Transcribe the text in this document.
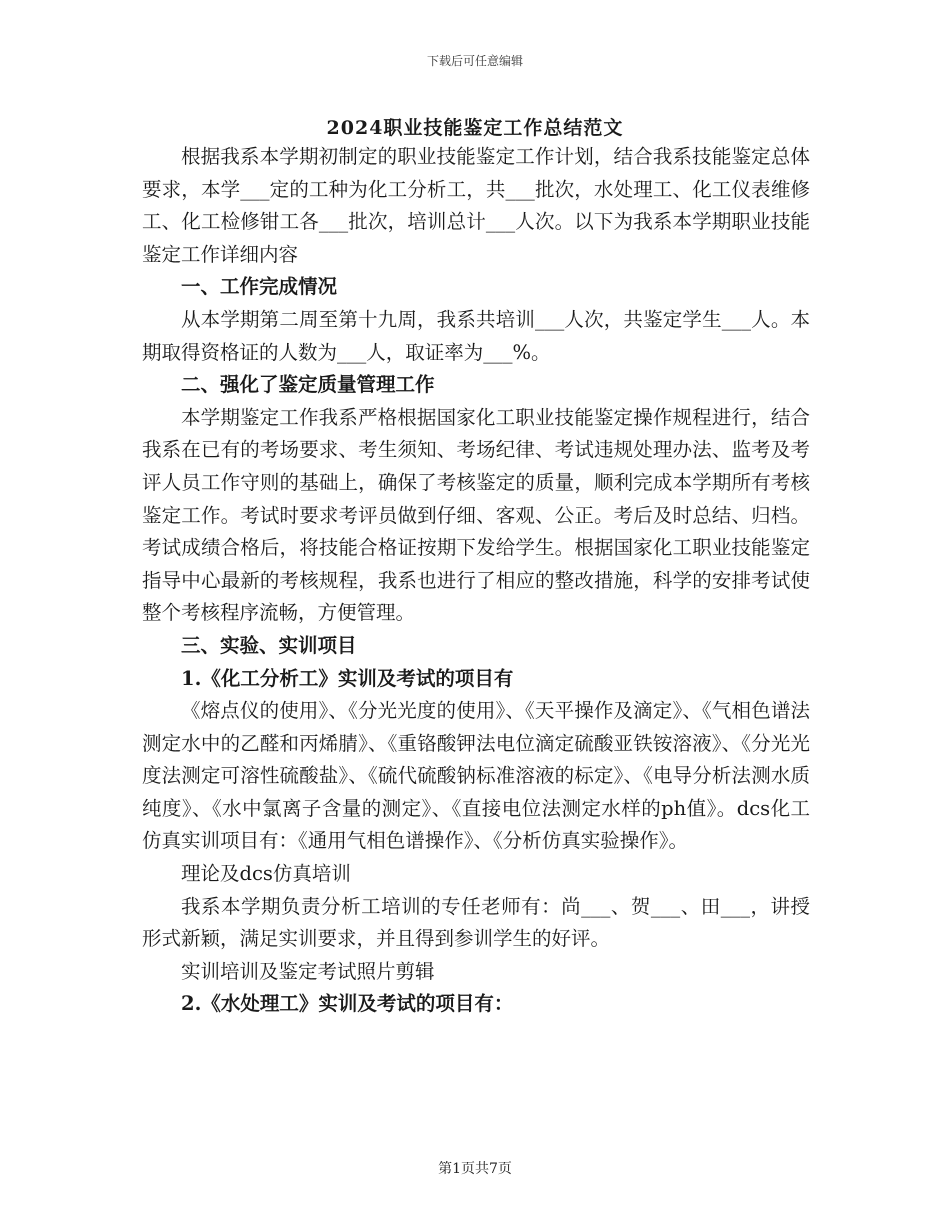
下载后可任意编辑
2024职业技能鉴定工作总结范文

根据我系本学期初制定的职业技能鉴定工作计划，结合我系技能鉴定总体要求，本学___定的工种为化工分析工，共___批次，水处理工、化工仪表维修工、化工检修钳工各___批次，培训总计___人次。以下为我系本学期职业技能鉴定工作详细内容

一、工作完成情况

从本学期第二周至第十九周，我系共培训___人次，共鉴定学生___人。本期取得资格证的人数为___人，取证率为___%。

二、强化了鉴定质量管理工作

本学期鉴定工作我系严格根据国家化工职业技能鉴定操作规程进行，结合我系在已有的考场要求、考生须知、考场纪律、考试违规处理办法、监考及考评人员工作守则的基础上，确保了考核鉴定的质量，顺利完成本学期所有考核鉴定工作。考试时要求考评员做到仔细、客观、公正。考后及时总结、归档。考试成绩合格后，将技能合格证按期下发给学生。根据国家化工职业技能鉴定指导中心最新的考核规程，我系也进行了相应的整改措施，科学的安排考试使整个考核程序流畅，方便管理。

三、实验、实训项目

1.《化工分析工》实训及考试的项目有

《熔点仪的使用》、《分光光度的使用》、《天平操作及滴定》、《气相色谱法测定水中的乙醛和丙烯腈》、《重铬酸钾法电位滴定硫酸亚铁铵溶液》、《分光光度法测定可溶性硫酸盐》、《硫代硫酸钠标准溶液的标定》、《电导分析法测水质纯度》、《水中氯离子含量的测定》、《直接电位法测定水样的ph值》。dcs化工仿真实训项目有：《通用气相色谱操作》、《分析仿真实验操作》。

理论及dcs仿真培训

我系本学期负责分析工培训的专任老师有：尚___、贺___、田___，讲授形式新颖，满足实训要求，并且得到参训学生的好评。

实训培训及鉴定考试照片剪辑

2.《水处理工》实训及考试的项目有：

第1页共7页
